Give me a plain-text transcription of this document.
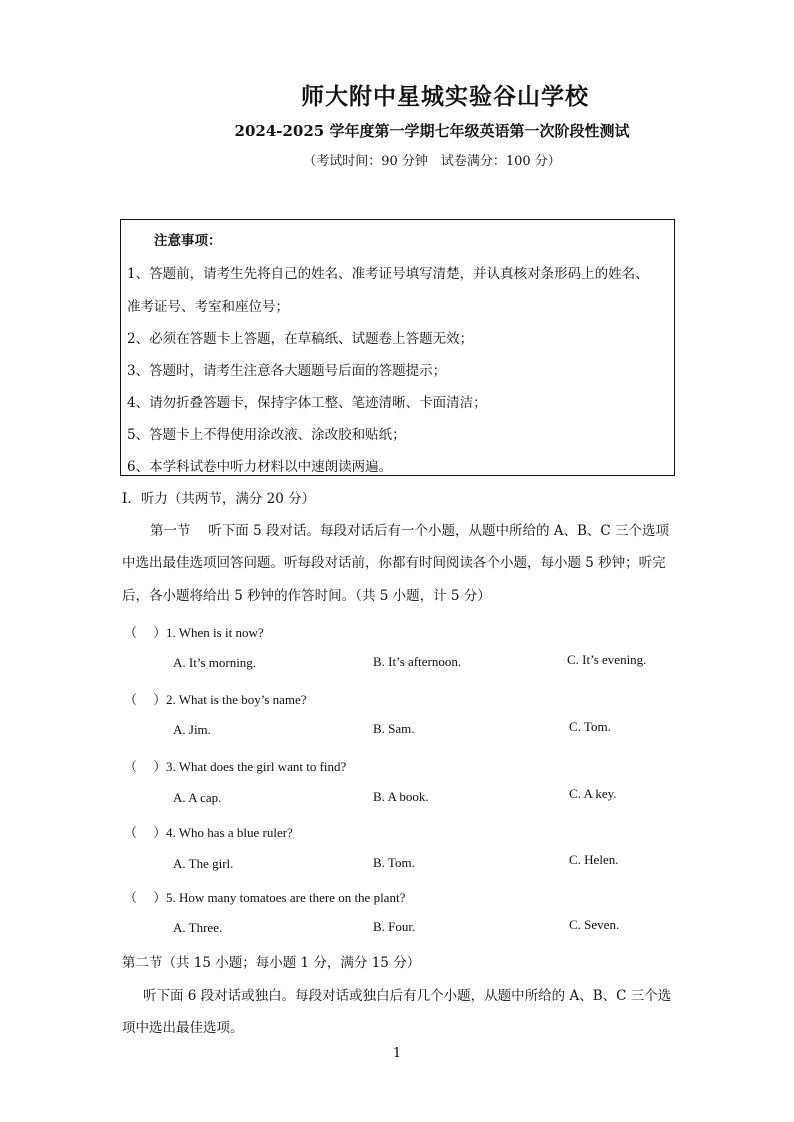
师大附中星城实验谷山学校
2024-2025 学年度第一学期七年级英语第一次阶段性测试
（考试时间：90 分钟　试卷满分：100 分）
注意事项：
1、答题前，请考生先将自己的姓名、准考证号填写清楚，并认真核对条形码上的姓名、
准考证号、考室和座位号；
2、必须在答题卡上答题，在草稿纸、试题卷上答题无效；
3、答题时，请考生注意各大题题号后面的答题提示；
4、请勿折叠答题卡，保持字体工整、笔迹清晰、卡面清洁；
5、答题卡上不得使用涂改液、涂改胶和贴纸；
6、本学科试卷中听力材料以中速朗读两遍。
I．听力（共两节，满分 20 分）
第一节　 听下面 5 段对话。每段对话后有一个小题，从题中所给的 A、B、C 三个选项
中选出最佳选项回答问题。听每段对话前，你都有时间阅读各个小题，每小题 5 秒钟；听完
后，各小题将给出 5 秒钟的作答时间。（共 5 小题，计 5 分）
（　 ）1. When is it now?
A. It’s morning.	B. It’s afternoon.	C. It’s evening.
（　 ）2. What is the boy’s name?
A. Jim.	B. Sam.	C. Tom.
（　 ）3. What does the girl want to find?
A. A cap.	B. A book.	C. A key.
（　 ）4. Who has a blue ruler?
A. The girl.	B. Tom.	C. Helen.
（　 ）5. How many tomatoes are there on the plant?
A. Three.	B. Four.	C. Seven.
第二节（共 15 小题；每小题 1 分，满分 15 分）
听下面 6 段对话或独白。每段对话或独白后有几个小题，从题中所给的 A、B、C 三个选
项中选出最佳选项。
1
